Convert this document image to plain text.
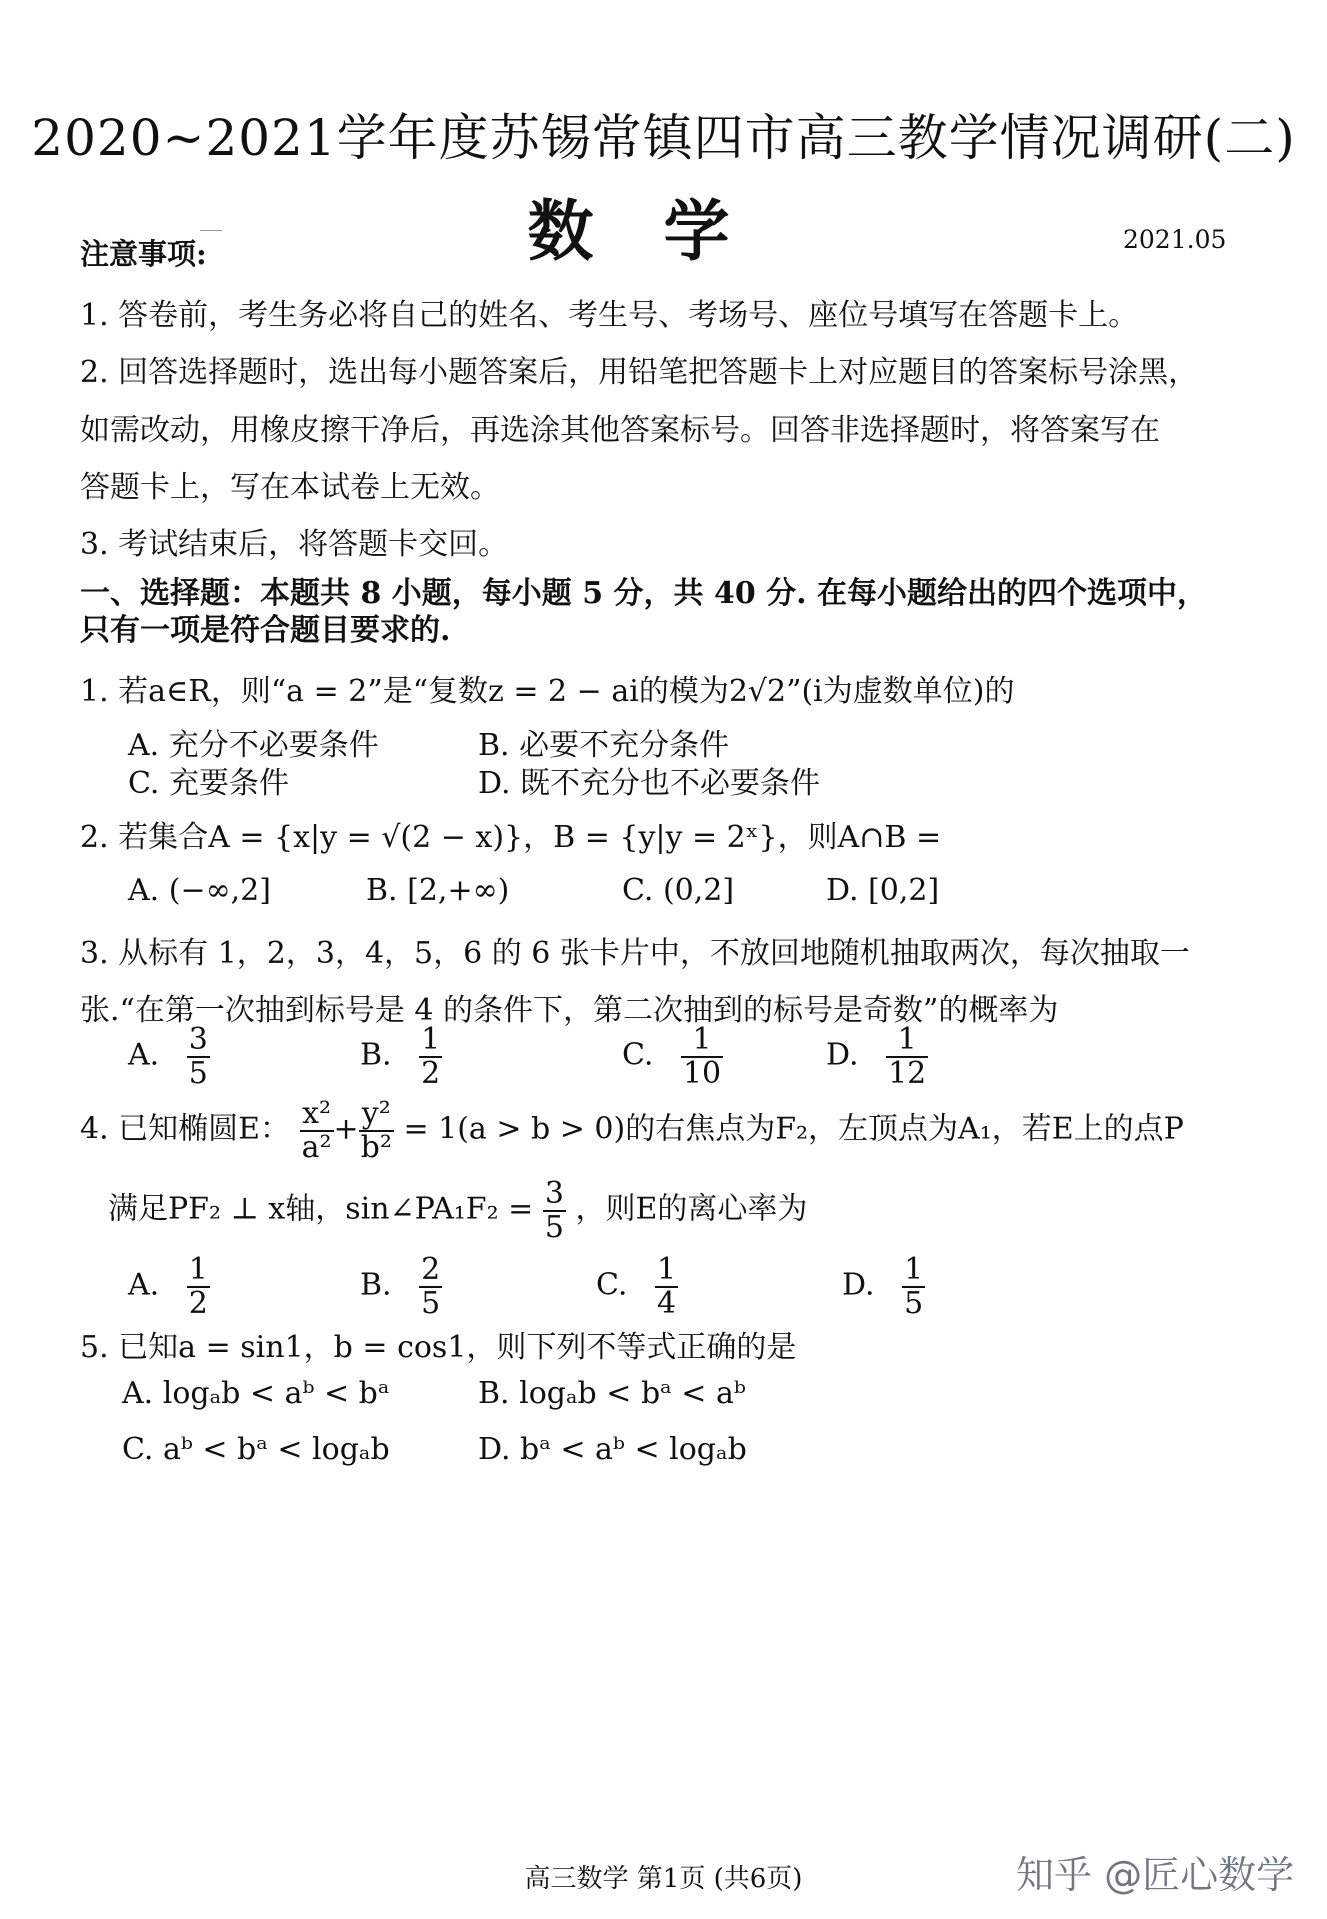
2020~2021学年度苏锡常镇四市高三教学情况调研(二)
数学	2021.05
注意事项:
1. 答卷前，考生务必将自己的姓名、考生号、考场号、座位号填写在答题卡上。
2. 回答选择题时，选出每小题答案后，用铅笔把答题卡上对应题目的答案标号涂黑，
如需改动，用橡皮擦干净后，再选涂其他答案标号。回答非选择题时，将答案写在
答题卡上，写在本试卷上无效。
3. 考试结束后，将答题卡交回。
一、选择题：本题共 8 小题，每小题 5 分，共 40 分. 在每小题给出的四个选项中，
只有一项是符合题目要求的.
1. 若a∈R，则“a = 2”是“复数z = 2 − ai的模为2√2”(i为虚数单位)的
A. 充分不必要条件	B. 必要不充分条件
C. 充要条件	D. 既不充分也不必要条件
2. 若集合A = {x|y = √(2 − x)}，B = {y|y = 2ˣ}，则A∩B =
A. (−∞,2]	B. [2,+∞)	C. (0,2]	D. [0,2]
3. 从标有 1，2，3，4，5，6 的 6 张卡片中，不放回地随机抽取两次，每次抽取一
张.“在第一次抽到标号是 4 的条件下，第二次抽到的标号是奇数”的概率为
A. $\frac{3}{5}$	B. $\frac{1}{2}$	C. $\frac{1}{10}$	D. $\frac{1}{12}$
4. 已知椭圆E： $\frac{\text{x²}}{\text{a²}} + \frac{\text{y²}}{\text{b²}} = 1(a > b > 0)$的右焦点为F₂，左顶点为A₁，若E上的点P
满足PF₂ ⊥ x轴，sin∠PA₁F₂ = $\frac{3}{5}$ ，则E的离心率为
A. $\frac{1}{2}$	B. $\frac{2}{5}$	C. $\frac{1}{4}$	D. $\frac{1}{5}$
5. 已知a = sin1，b = cos1，则下列不等式正确的是
A. logₐb < aᵇ < bᵃ	B. logₐb < bᵃ < aᵇ
C. aᵇ < bᵃ < logₐb	D. bᵃ < aᵇ < logₐb
高三数学 第1页 (共6页)	知乎 @匠心数学
